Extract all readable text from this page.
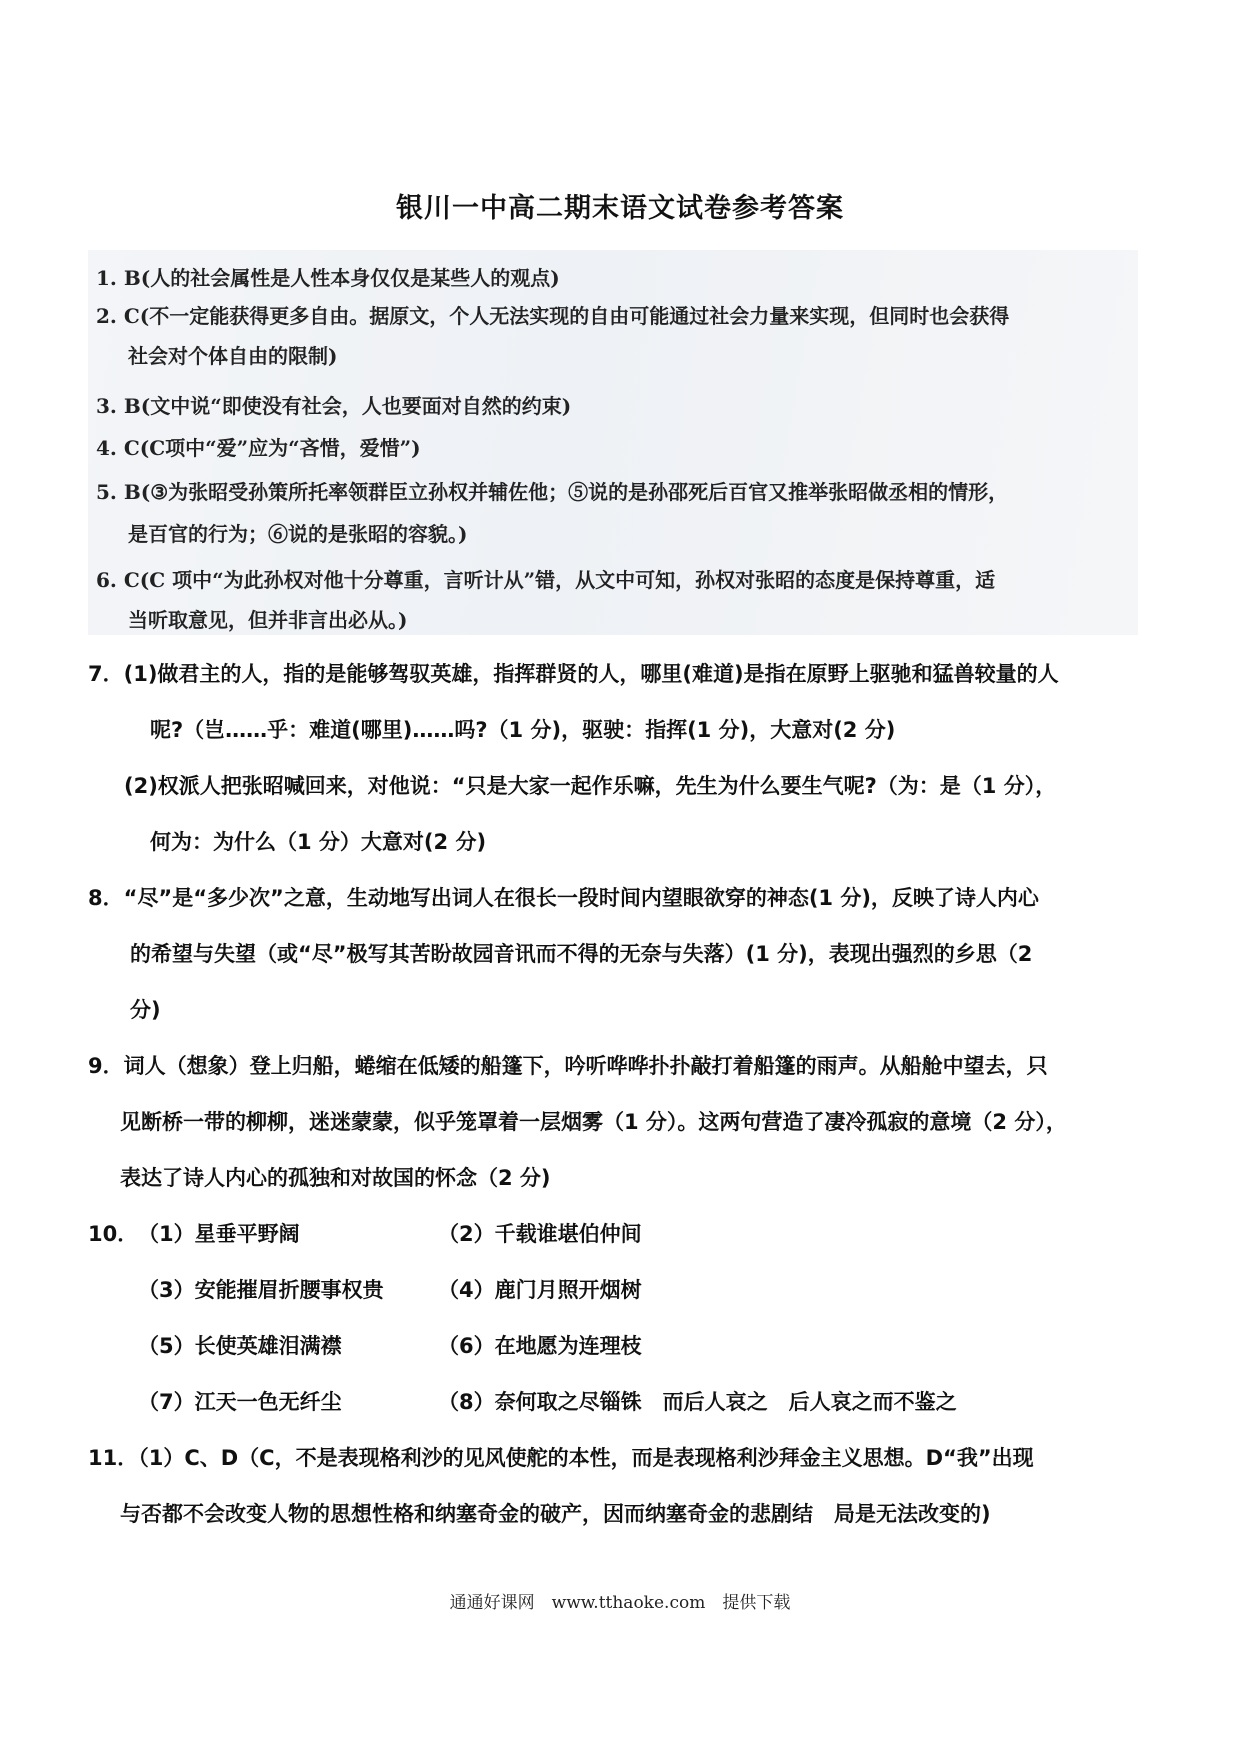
银川一中高二期末语文试卷参考答案
1. B(人的社会属性是人性本身仅仅是某些人的观点)
2. C(不一定能获得更多自由。据原文，个人无法实现的自由可能通过社会力量来实现，但同时也会获得
社会对个体自由的限制)
3. B(文中说“即使没有社会，人也要面对自然的约束)
4. C(C项中“爱”应为“吝惜，爱惜”)
5. B(③为张昭受孙策所托率领群臣立孙权并辅佐他；⑤说的是孙邵死后百官又推举张昭做丞相的情形，
是百官的行为；⑥说的是张昭的容貌。)
6. C(C 项中“为此孙权对他十分尊重，言听计从”错，从文中可知，孙权对张昭的态度是保持尊重，适
当听取意见，但并非言出必从。)
7．(1)做君主的人，指的是能够驾驭英雄，指挥群贤的人，哪里(难道)是指在原野上驱驰和猛兽较量的人
呢?（岂……乎：难道(哪里)……吗?（1 分)，驱驶：指挥(1 分)，大意对(2 分)
(2)权派人把张昭喊回来，对他说：“只是大家一起作乐嘛，先生为什么要生气呢?（为：是（1 分），
何为：为什么（1 分）大意对(2 分)
8．“尽”是“多少次”之意，生动地写出词人在很长一段时间内望眼欲穿的神态(1 分)，反映了诗人内心
的希望与失望（或“尽”极写其苦盼故园音讯而不得的无奈与失落）(1 分)，表现出强烈的乡思（2
分)
9．词人（想象）登上归船，蜷缩在低矮的船篷下，吟听哗哗扑扑敲打着船篷的雨声。从船舱中望去，只
见断桥一带的柳柳，迷迷蒙蒙，似乎笼罩着一层烟雾（1 分）。这两句营造了凄冷孤寂的意境（2 分），
表达了诗人内心的孤独和对故国的怀念（2 分)
10． （1）星垂平野阔	（2）千载谁堪伯仲间
（3）安能摧眉折腰事权贵	（4）鹿门月照开烟树
（5）长使英雄泪满襟	（6）在地愿为连理枝
（7）江天一色无纤尘	（8）奈何取之尽锱铢　而后人哀之　后人哀之而不鉴之
11．（1）C、D（C，不是表现格利沙的见风使舵的本性，而是表现格利沙拜金主义思想。D“我”出现
与否都不会改变人物的思想性格和纳塞奇金的破产，因而纳塞奇金的悲剧结　局是无法改变的)
通通好课网　www.tthaoke.com　提供下载
